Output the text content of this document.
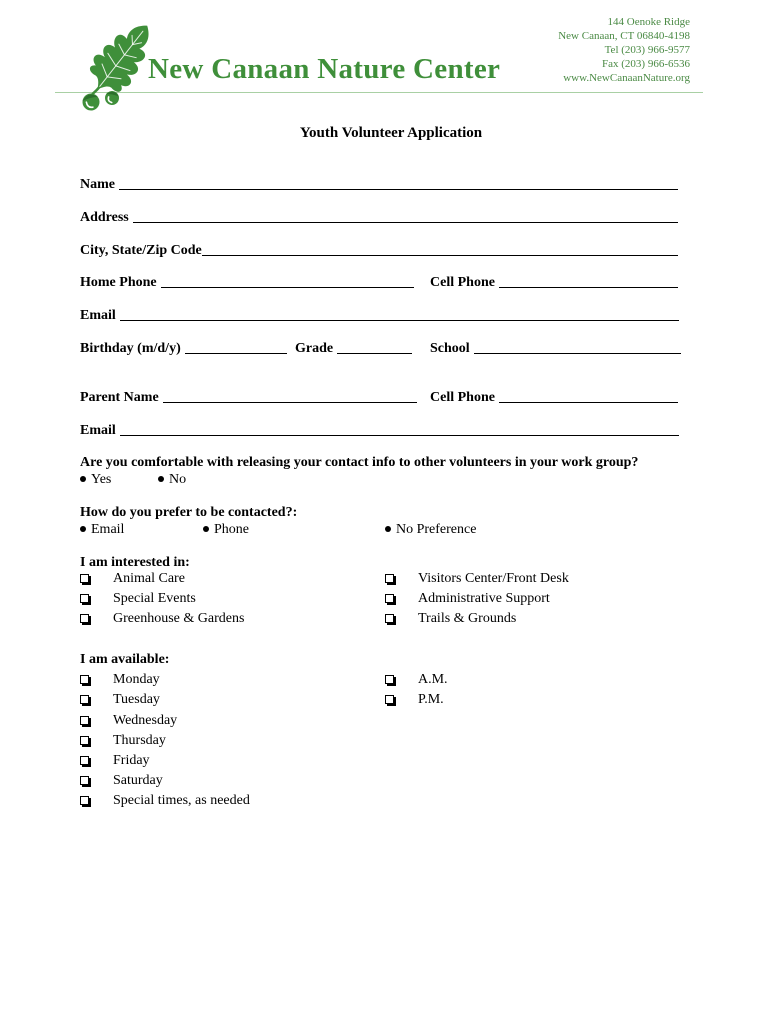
New Canaan Nature Center
144 Oenoke Ridge
New Canaan, CT 06840-4198
Tel (203) 966-9577
Fax (203) 966-6536
www.NewCanaanNature.org
Youth Volunteer Application
Name
Address
City, State/Zip Code
Home Phone	Cell Phone
Email
Birthday (m/d/y)	Grade	School
Parent Name	Cell Phone
Email
Are you comfortable with releasing your contact info to other volunteers in your work group?
Yes	No
How do you prefer to be contacted?:
Email	Phone	No Preference
I am interested in:
Animal Care
Special Events
Greenhouse & Gardens
Visitors Center/Front Desk
Administrative Support
Trails & Grounds
I am available:
Monday
Tuesday
Wednesday
Thursday
Friday
Saturday
Special times, as needed
A.M.
P.M.
